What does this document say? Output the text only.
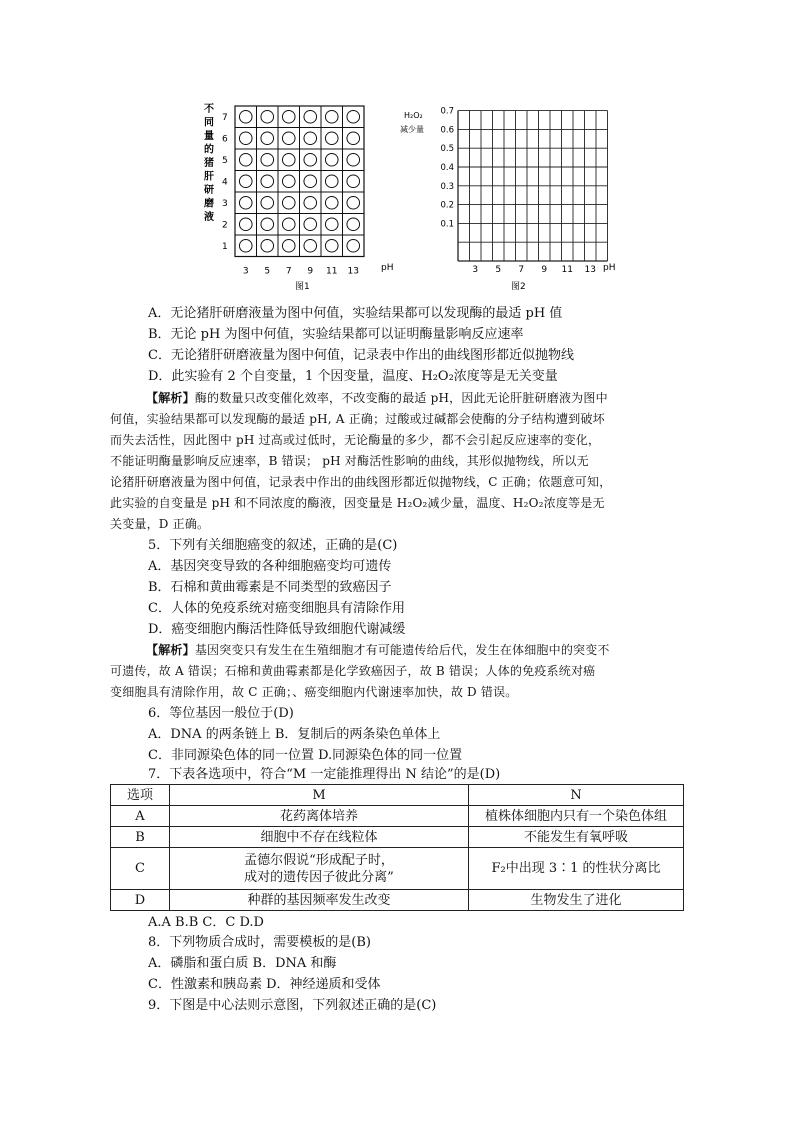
不
同
量
的
猪
肝
研
磨
液
7
6
5
4
3
2
1
3 5 7 9 11 13 pH
图1
H₂O₂
减少量
0.7
0.6
0.5
0.4
0.3
0.2
0.1
3 5 7 9 11 13 pH
图2
A．无论猪肝研磨液量为图中何值，实验结果都可以发现酶的最适 pH 值
B．无论 pH 为图中何值，实验结果都可以证明酶量影响反应速率
C．无论猪肝研磨液量为图中何值，记录表中作出的曲线图形都近似抛物线
D．此实验有 2 个自变量，1 个因变量，温度、H₂O₂浓度等是无关变量
【解析】酶的数量只改变催化效率，不改变酶的最适 pH，因此无论肝脏研磨液为图中
何值，实验结果都可以发现酶的最适 pH, A 正确；过酸或过碱都会使酶的分子结构遭到破坏
而失去活性，因此图中 pH 过高或过低时，无论酶量的多少，都不会引起反应速率的变化，
不能证明酶量影响反应速率，B 错误； pH 对酶活性影响的曲线，其形似抛物线，所以无
论猪肝研磨液量为图中何值，记录表中作出的曲线图形都近似抛物线，C 正确；依题意可知，
此实验的自变量是 pH 和不同浓度的酶液，因变量是 H₂O₂减少量，温度、H₂O₂浓度等是无
关变量，D 正确。
5．下列有关细胞癌变的叙述，正确的是(C)
A．基因突变导致的各种细胞癌变均可遗传
B．石棉和黄曲霉素是不同类型的致癌因子
C．人体的免疫系统对癌变细胞具有清除作用
D．癌变细胞内酶活性降低导致细胞代谢减缓
【解析】基因突变只有发生在生殖细胞才有可能遗传给后代，发生在体细胞中的突变不
可遗传，故 A 错误；石棉和黄曲霉素都是化学致癌因子，故 B 错误；人体的免疫系统对癌
变细胞具有清除作用，故 C 正确；、癌变细胞内代谢速率加快，故 D 错误。
6．等位基因一般位于(D)
A．DNA 的两条链上 B．复制后的两条染色单体上
C．非同源染色体的同一位置 D.同源染色体的同一位置
7．下表各选项中，符合“M 一定能推理得出 N 结论”的是(D)
选项	M	N
A	花药离体培养	植株体细胞内只有一个染色体组
B	细胞中不存在线粒体	不能发生有氧呼吸
C	孟德尔假说“形成配子时，
成对的遗传因子彼此分离”	F₂中出现 3∶1 的性状分离比
D	种群的基因频率发生改变	生物发生了进化
A.A B.B C．C D.D
8．下列物质合成时，需要模板的是(B)
A．磷脂和蛋白质 B．DNA 和酶
C．性激素和胰岛素 D．神经递质和受体
9．下图是中心法则示意图，下列叙述正确的是(C)
